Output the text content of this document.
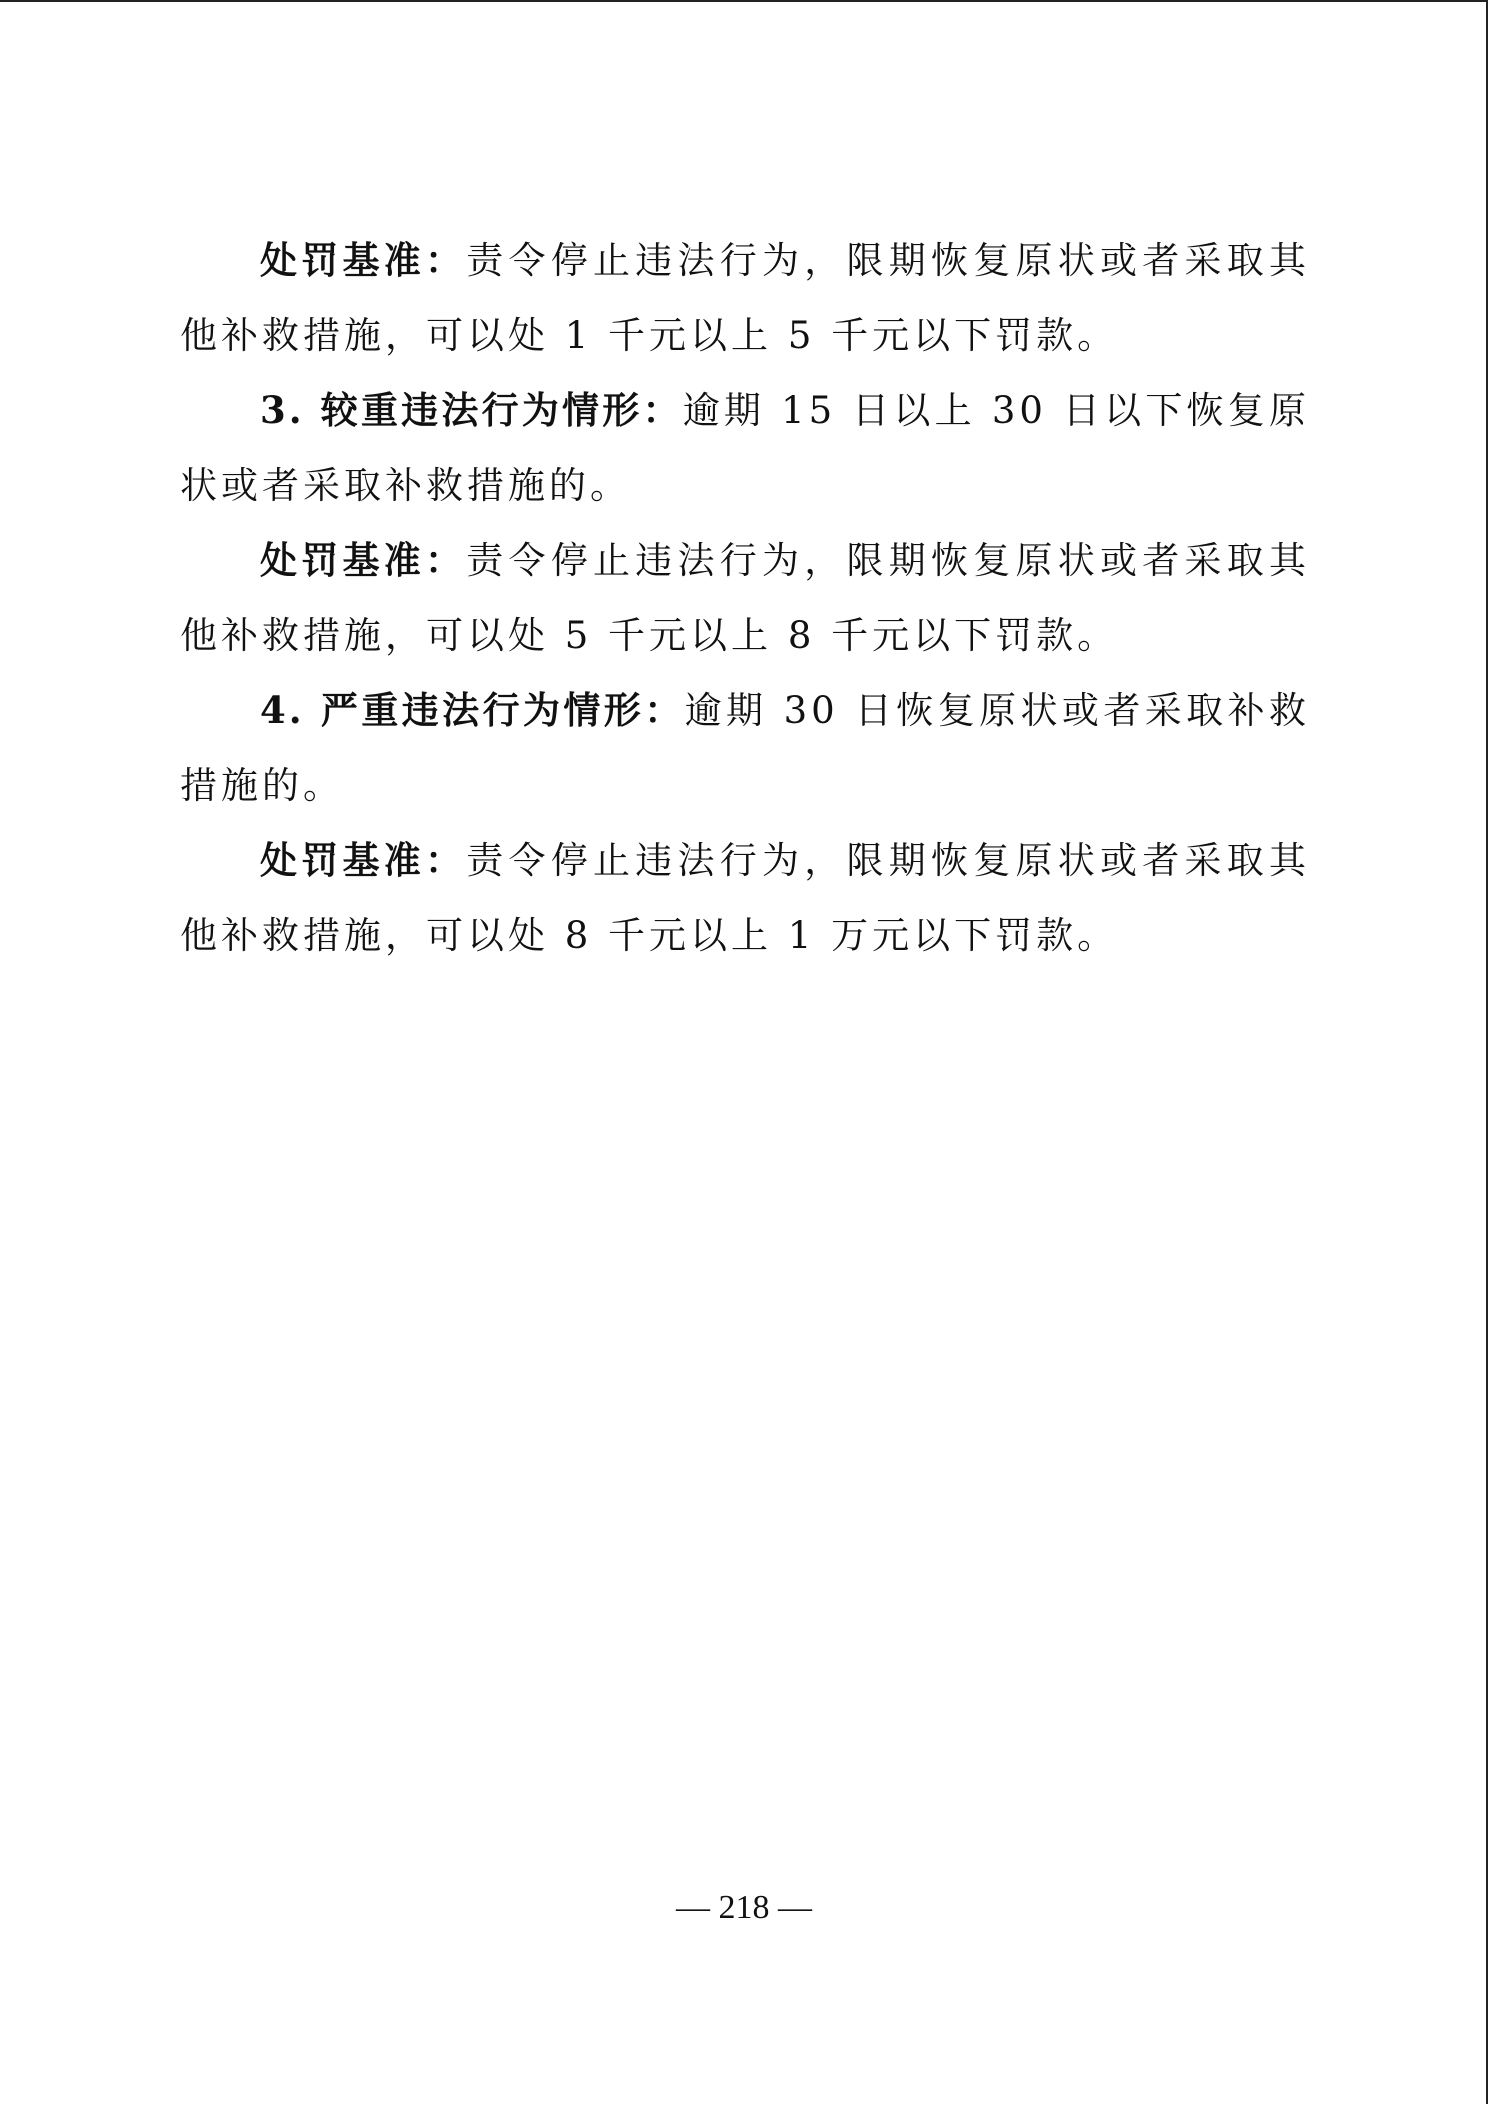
处罚基准：责令停止违法行为，限期恢复原状或者采取其他补救措施，可以处 1 千元以上 5 千元以下罚款。

3. 较重违法行为情形：逾期 15 日以上 30 日以下恢复原状或者采取补救措施的。

处罚基准：责令停止违法行为，限期恢复原状或者采取其他补救措施，可以处 5 千元以上 8 千元以下罚款。

4. 严重违法行为情形：逾期 30 日恢复原状或者采取补救措施的。

处罚基准：责令停止违法行为，限期恢复原状或者采取其他补救措施，可以处 8 千元以上 1 万元以下罚款。

— 218 —
